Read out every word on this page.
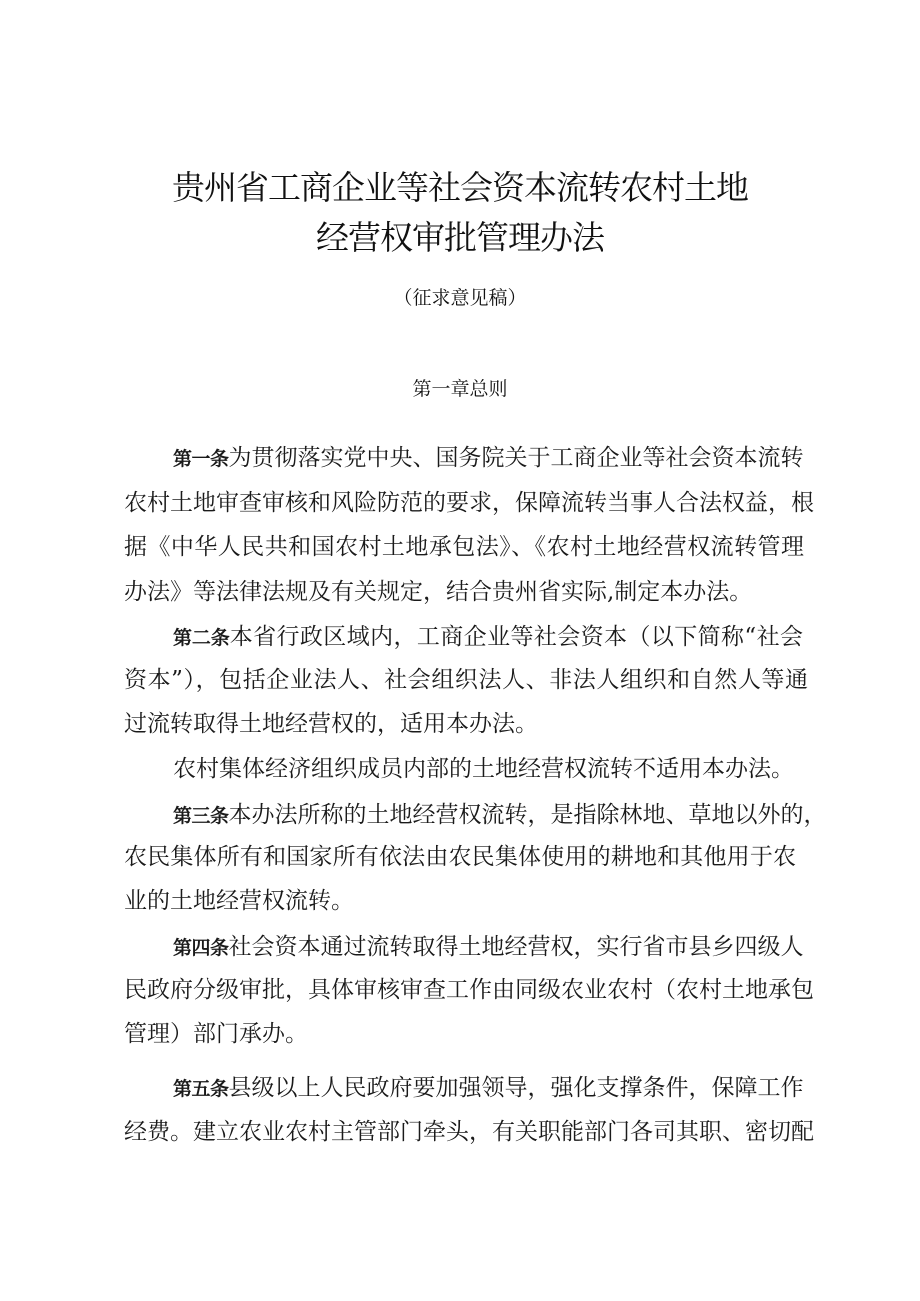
贵州省工商企业等社会资本流转农村土地
经营权审批管理办法
（征求意见稿）
第一章总则
第一条为贯彻落实党中央、国务院关于工商企业等社会资本流转
农村土地审查审核和风险防范的要求，保障流转当事人合法权益，根
据《中华人民共和国农村土地承包法》、《农村土地经营权流转管理
办法》等法律法规及有关规定，结合贵州省实际,制定本办法。
第二条本省行政区域内，工商企业等社会资本（以下简称“社会
资本”），包括企业法人、社会组织法人、非法人组织和自然人等通
过流转取得土地经营权的，适用本办法。
农村集体经济组织成员内部的土地经营权流转不适用本办法。
第三条本办法所称的土地经营权流转，是指除林地、草地以外的，
农民集体所有和国家所有依法由农民集体使用的耕地和其他用于农
业的土地经营权流转。
第四条社会资本通过流转取得土地经营权，实行省市县乡四级人
民政府分级审批，具体审核审查工作由同级农业农村（农村土地承包
管理）部门承办。
第五条县级以上人民政府要加强领导，强化支撑条件，保障工作
经费。建立农业农村主管部门牵头，有关职能部门各司其职、密切配
